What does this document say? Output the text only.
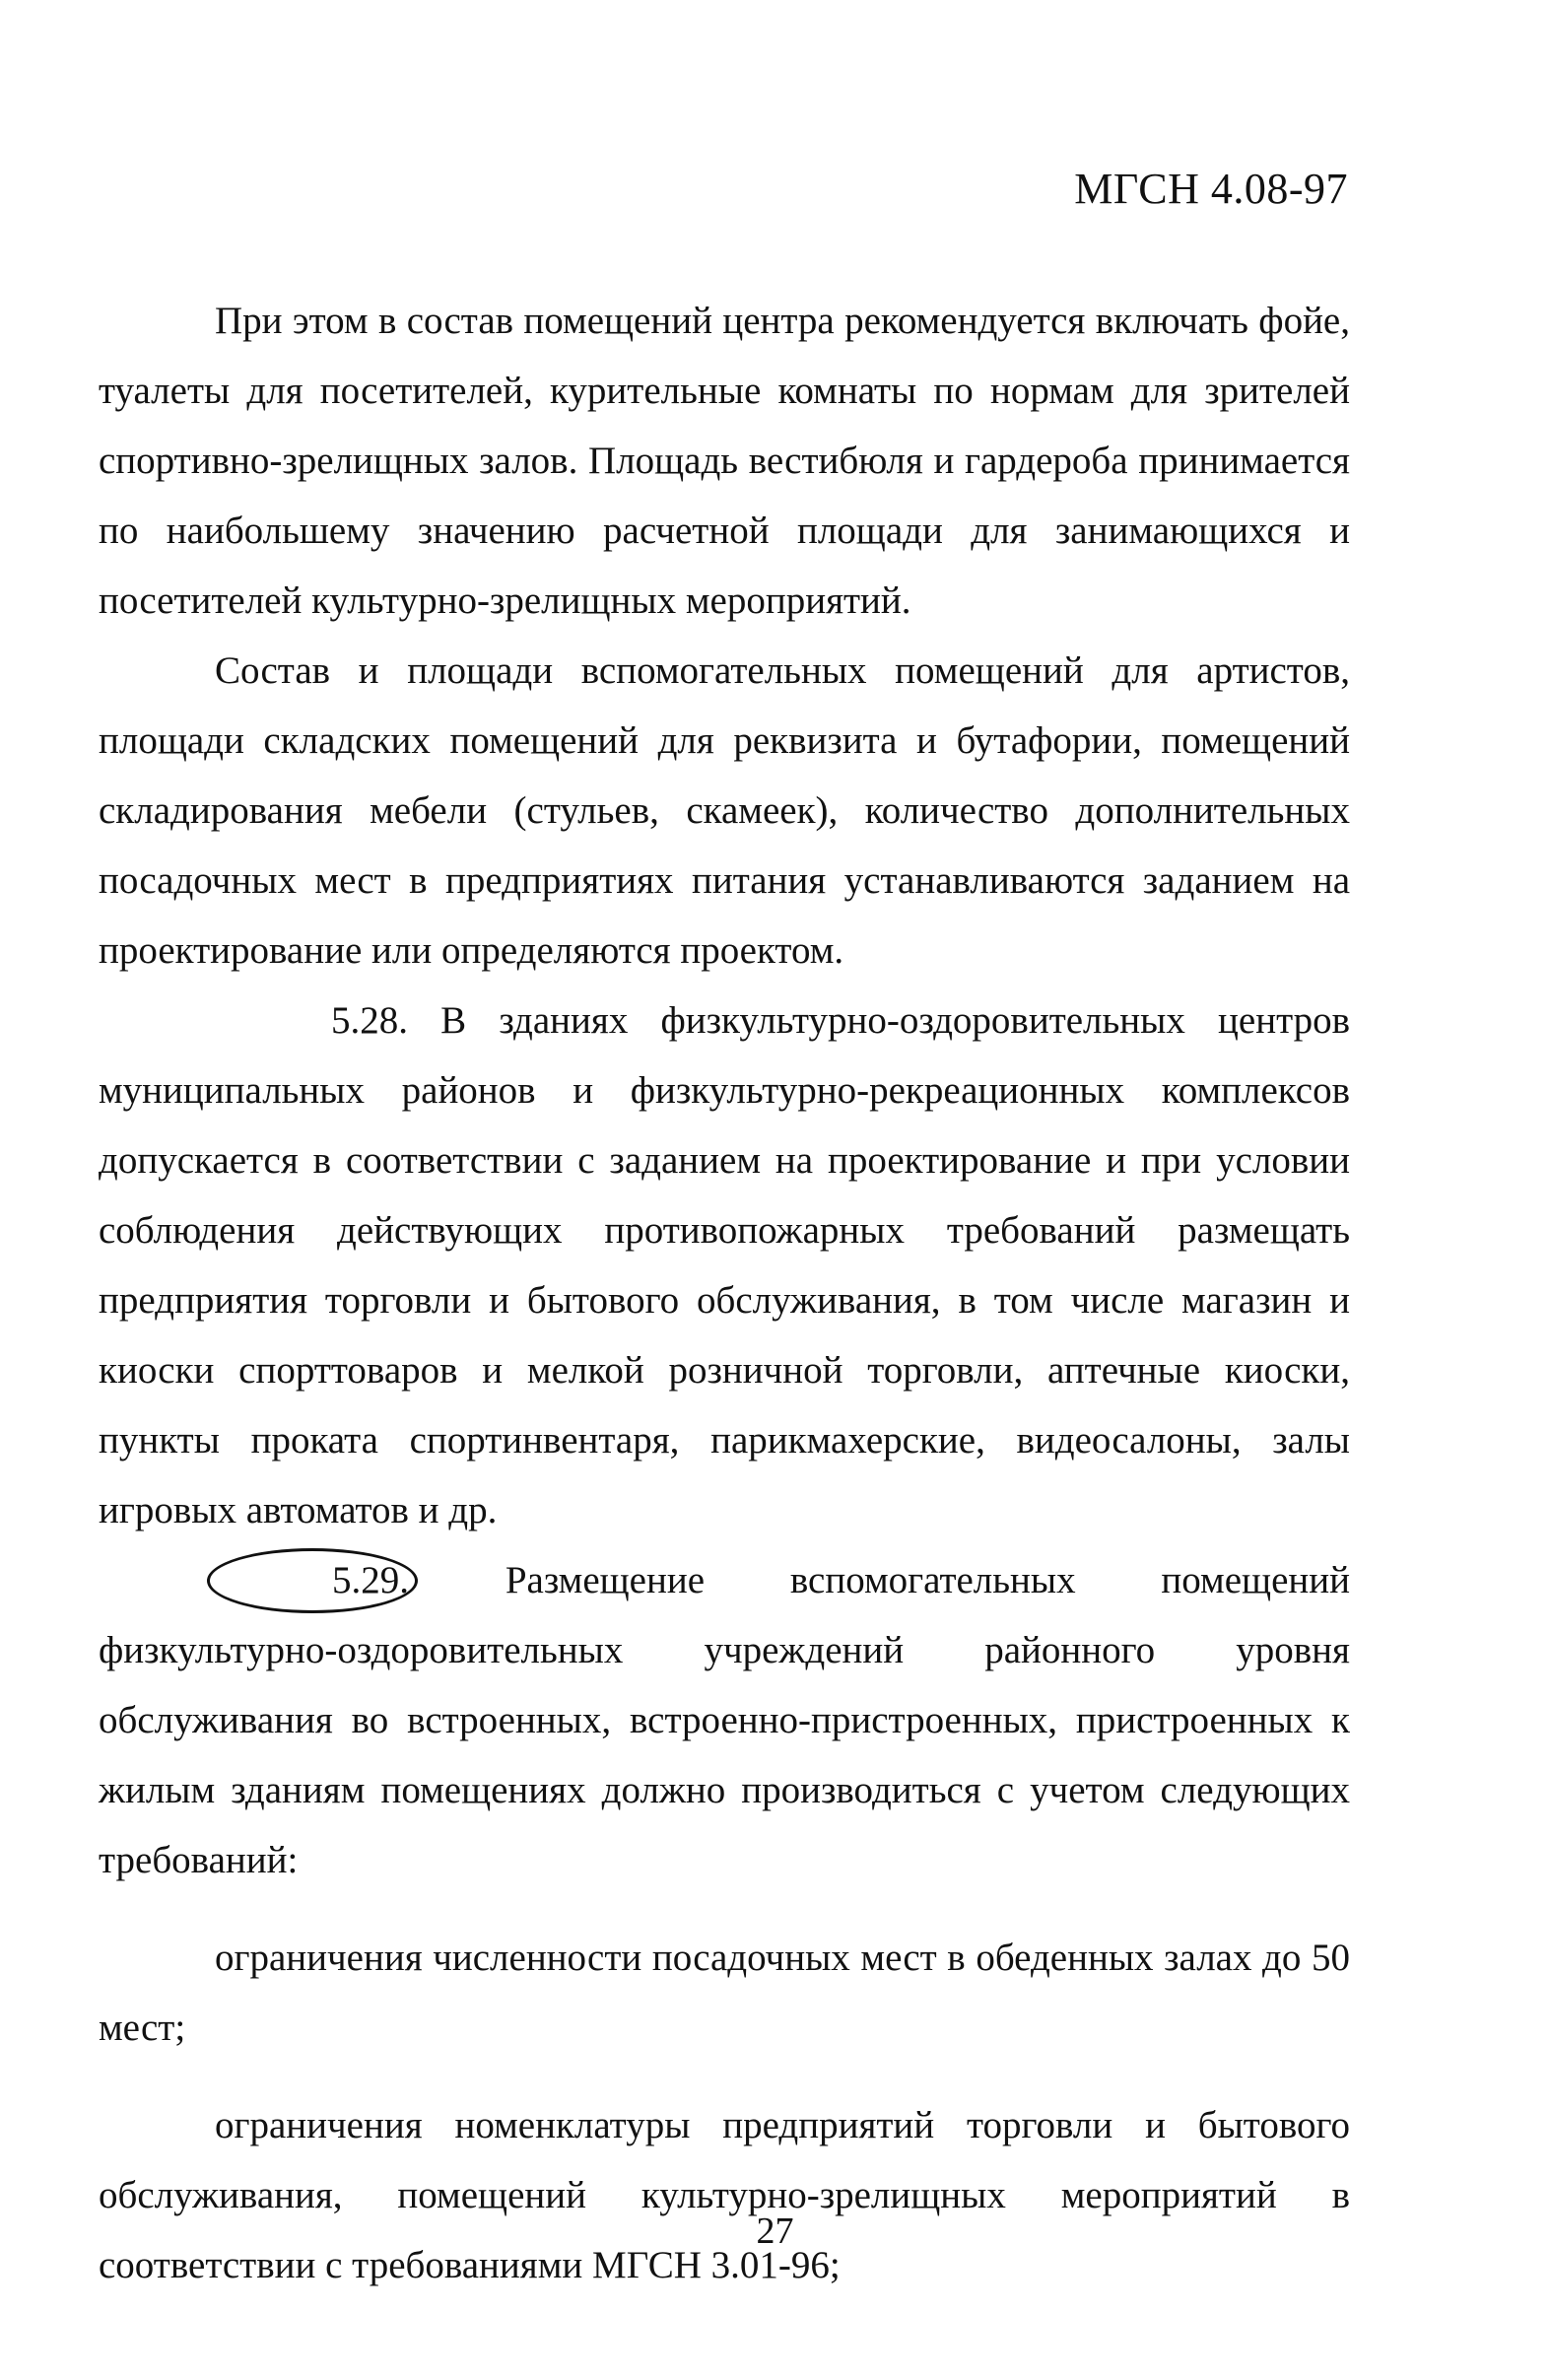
МГСН 4.08-97

При этом в состав помещений центра рекомендуется включать фойе, туалеты для посетителей, курительные комнаты по нормам для зрителей спортивно-зрелищных залов. Площадь вестибюля и гардероба принимается по наибольшему значению расчетной площади для занимающихся и посетителей культурно-зрелищных мероприятий.

Состав и площади вспомогательных помещений для артистов, площади складских помещений для реквизита и бутафории, помещений складирования мебели (стульев, скамеек), количество дополнительных посадочных мест в предприятиях питания устанавливаются заданием на проектирование или определяются проектом.

5.28. В зданиях физкультурно-оздоровительных центров муниципальных районов и физкультурно-рекреационных комплексов допускается в соответствии с заданием на проектирование и при условии соблюдения действующих противопожарных требований размещать предприятия торговли и бытового обслуживания, в том числе магазин и киоски спорттоваров и мелкой розничной торговли, аптечные киоски, пункты проката спортинвентаря, парикмахерские, видеосалоны, залы игровых автоматов и др.

5.29.	Размещение вспомогательных помещений физкультурно-оздоровительных учреждений районного уровня обслуживания во встроенных, встроенно-пристроенных, пристроенных к жилым зданиям помещениях должно производиться с учетом следующих требований:

ограничения численности посадочных мест в обеденных залах до 50 мест;

ограничения номенклатуры предприятий торговли и бытового обслуживания, помещений культурно-зрелищных мероприятий в соответствии с требованиями МГСН 3.01-96;

27
